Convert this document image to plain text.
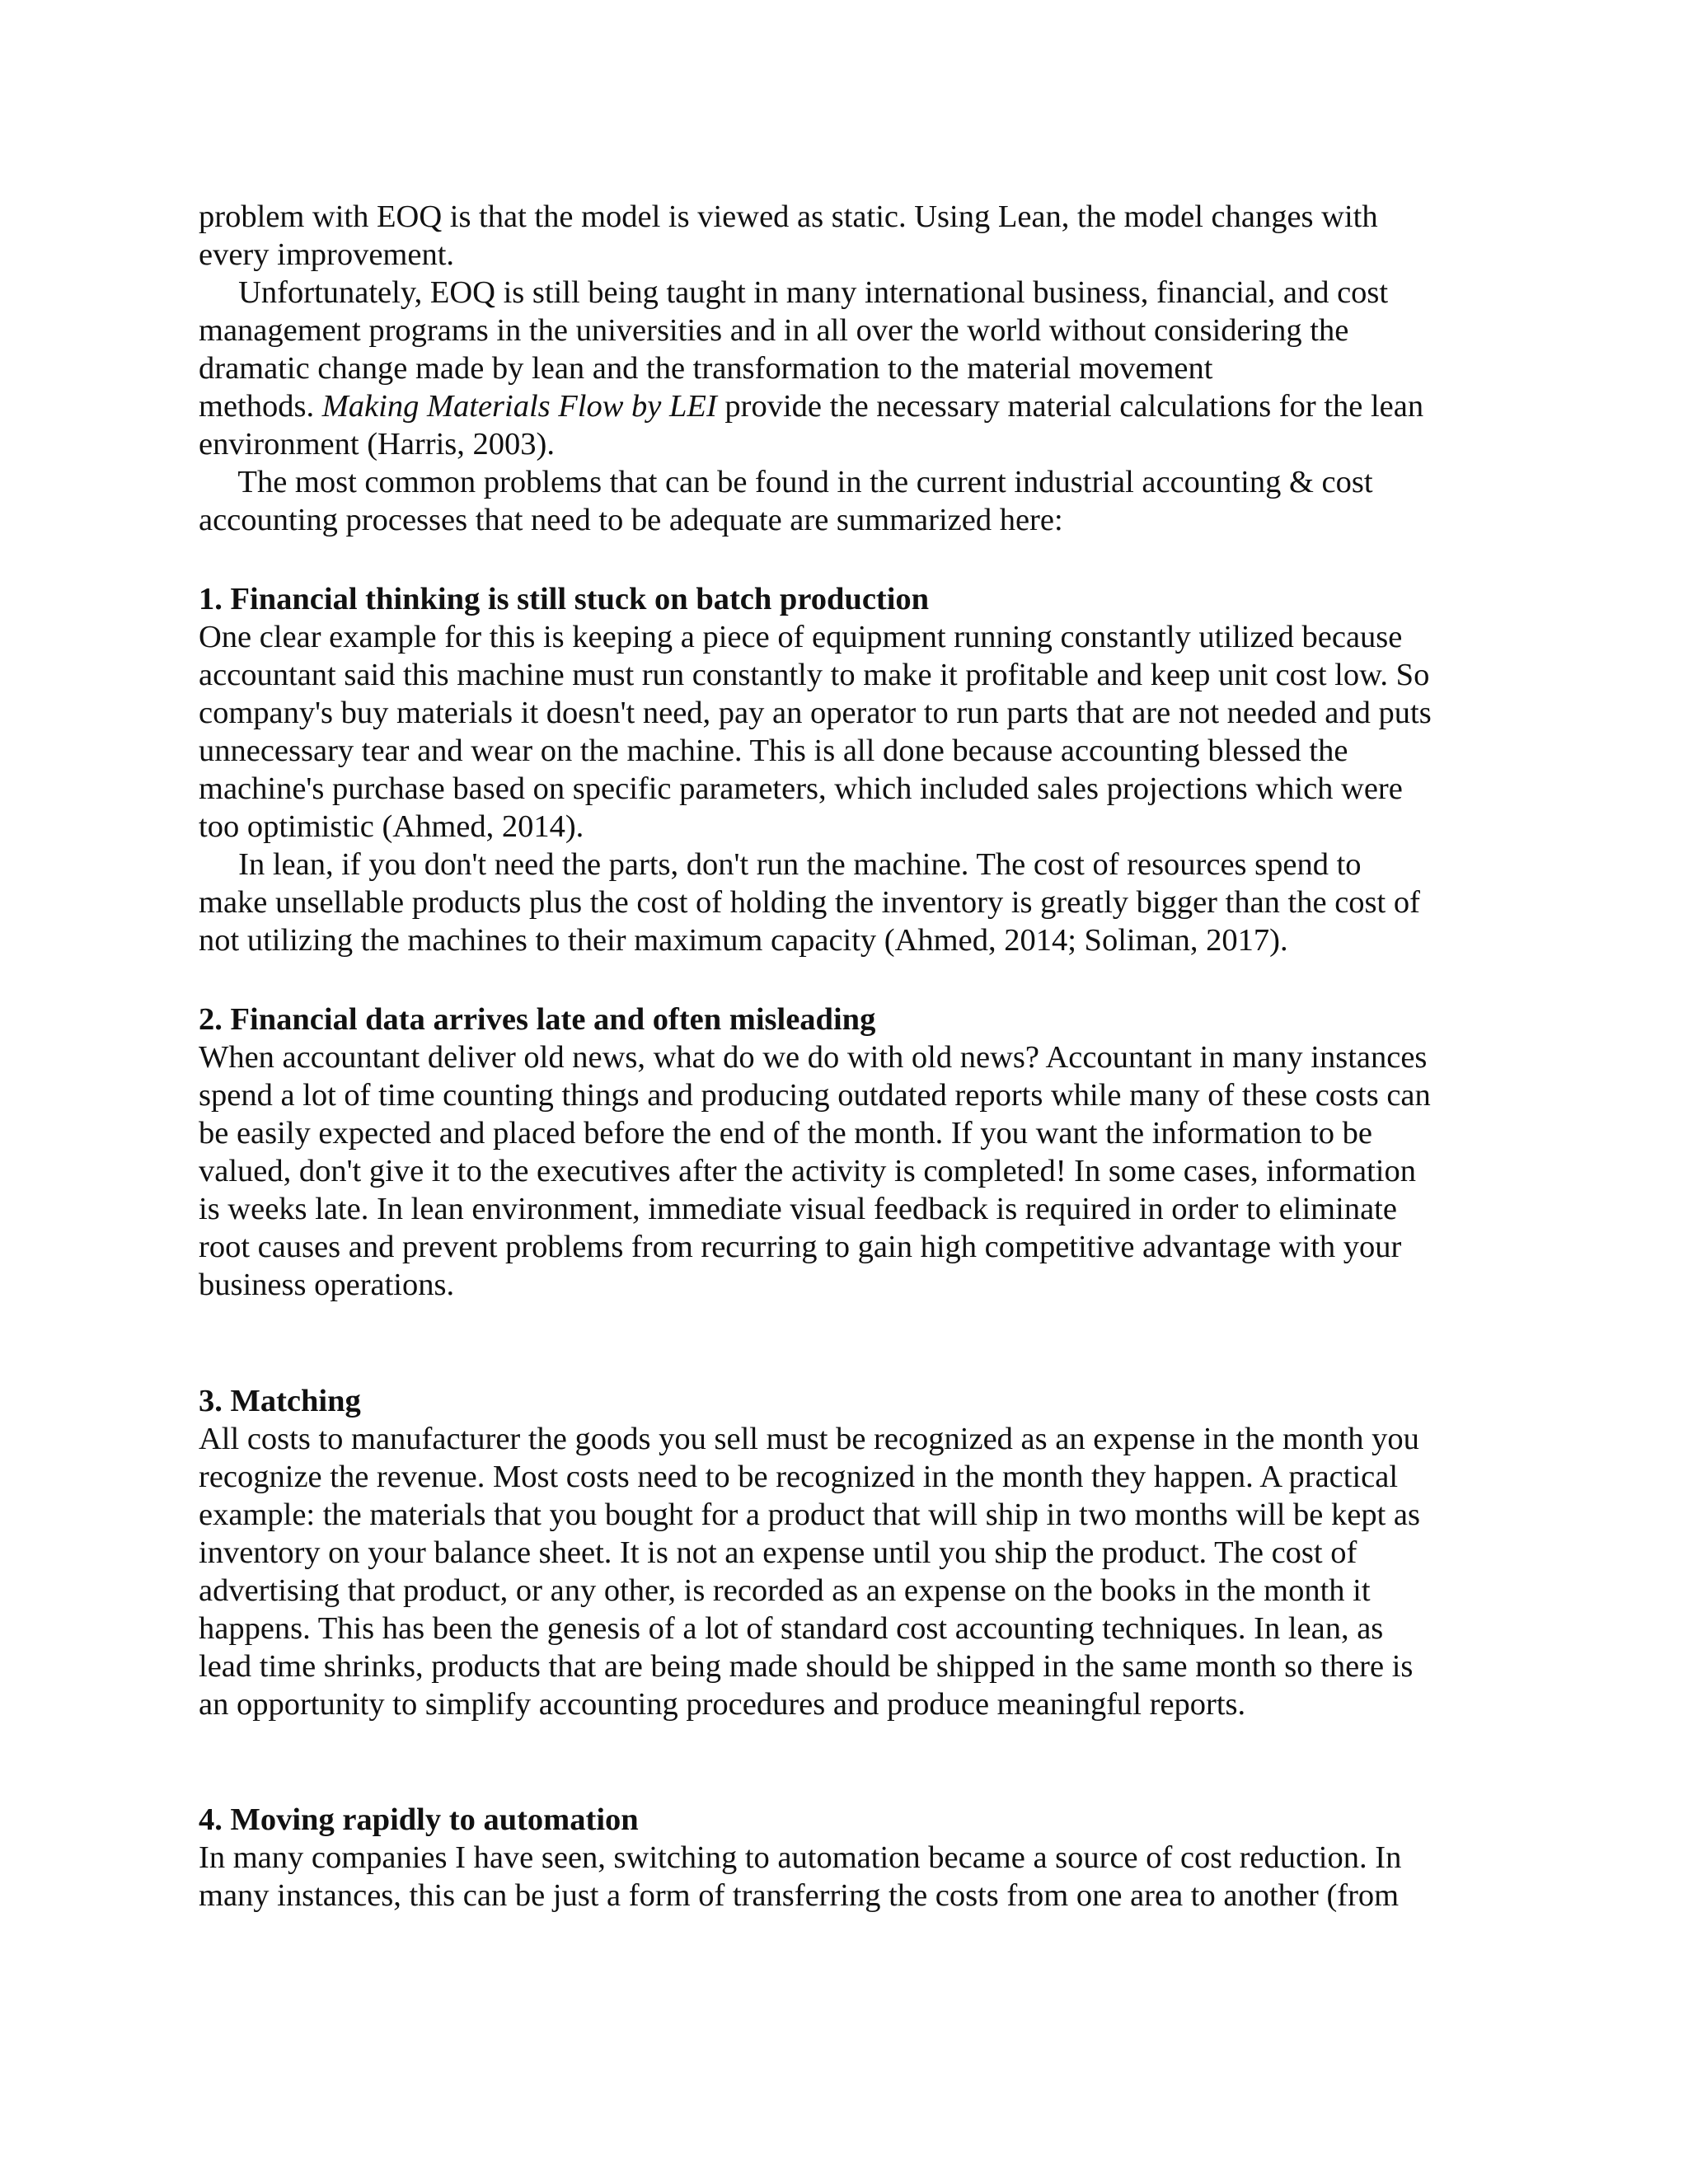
problem with EOQ is that the model is viewed as static. Using Lean, the model changes with
every improvement.
Unfortunately, EOQ is still being taught in many international business, financial, and cost
management programs in the universities and in all over the world without considering the
dramatic change made by lean and the transformation to the material movement
methods. Making Materials Flow by LEI provide the necessary material calculations for the lean
environment (Harris, 2003).
The most common problems that can be found in the current industrial accounting & cost
accounting processes that need to be adequate are summarized here:
1. Financial thinking is still stuck on batch production
One clear example for this is keeping a piece of equipment running constantly utilized because
accountant said this machine must run constantly to make it profitable and keep unit cost low. So
company's buy materials it doesn't need, pay an operator to run parts that are not needed and puts
unnecessary tear and wear on the machine. This is all done because accounting blessed the
machine's purchase based on specific parameters, which included sales projections which were
too optimistic (Ahmed, 2014).
In lean, if you don't need the parts, don't run the machine. The cost of resources spend to
make unsellable products plus the cost of holding the inventory is greatly bigger than the cost of
not utilizing the machines to their maximum capacity (Ahmed, 2014; Soliman, 2017).
2. Financial data arrives late and often misleading
When accountant deliver old news, what do we do with old news? Accountant in many instances
spend a lot of time counting things and producing outdated reports while many of these costs can
be easily expected and placed before the end of the month. If you want the information to be
valued, don't give it to the executives after the activity is completed! In some cases, information
is weeks late. In lean environment, immediate visual feedback is required in order to eliminate
root causes and prevent problems from recurring to gain high competitive advantage with your
business operations.
3. Matching
All costs to manufacturer the goods you sell must be recognized as an expense in the month you
recognize the revenue. Most costs need to be recognized in the month they happen. A practical
example: the materials that you bought for a product that will ship in two months will be kept as
inventory on your balance sheet. It is not an expense until you ship the product. The cost of
advertising that product, or any other, is recorded as an expense on the books in the month it
happens. This has been the genesis of a lot of standard cost accounting techniques. In lean, as
lead time shrinks, products that are being made should be shipped in the same month so there is
an opportunity to simplify accounting procedures and produce meaningful reports.
4. Moving rapidly to automation
In many companies I have seen, switching to automation became a source of cost reduction. In
many instances, this can be just a form of transferring the costs from one area to another (from
